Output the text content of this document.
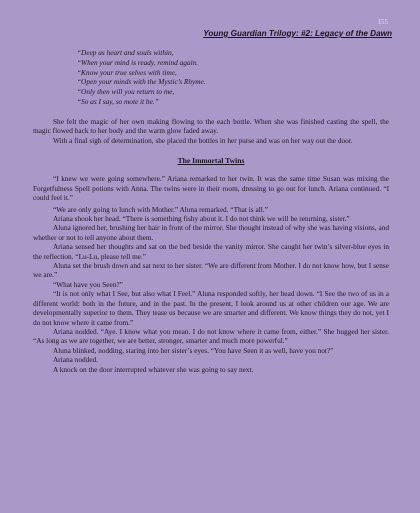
155
Young Guardian Trilogy: #2: Legacy of the Dawn
“Deep as heart and souls within,
“When your mind is ready, remind again.
“Know your true selves with time,
“Open your minds with the Mystic’s Rhyme.
“Only then will you return to me,
“So as I say, so mote it be.”

She felt the magic of her own making flowing to the each bottle. When she was finished casting the spell, the magic flowed back to her body and the warm glow faded away.

With a final sigh of determination, she placed the bottles in her purse and was on her way out the door.

The Immortal Twins

“I knew we were going somewhere.” Ariana remarked to her twin. It was the same time Susan was mixing the Forgetfulness Spell potions with Anna. The twins were in their room, dressing to go out for lunch. Ariana continued. “I could feel it.”

“We are only going to lunch with Mother.” Aluna remarked. “That is all.”

Ariana shook her head. “There is something fishy about it. I do not think we will be returning, sister.”

Aluna ignored her, brushing her hair in front of the mirror. She thought instead of why she was having visions, and whether or not to tell anyone about them.

Ariana sensed her thoughts and sat on the bed beside the vanity mirror. She caught her twin’s silver-blue eyes in the reflection. “Lu-Lu, please tell me.”

Aluna set the brush down and sat next to her sister. “We are different from Mother. I do not know how, but I sense we are.”

“What have you Seen?”

“It is not only what I See, but also what I Feel.” Aluna responded softly, her head down. “I See the two of us in a different world: both in the future, and in the past. In the present, I look around us at other children our age. We are developmentally superior to them. They tease us because we are smarter and different. We know things they do not, yet I do not know where it came from.”

Ariana nodded. “Aye. I know what you mean. I do not know where it came from, either.” She hugged her sister. “As long as we are together, we are better, stronger, smarter and much more powerful.”

Aluna blinked, nodding, staring into her sister’s eyes. “You have Seen it as well, have you not?”

Ariana nodded.

A knock on the door interrupted whatever she was going to say next.
